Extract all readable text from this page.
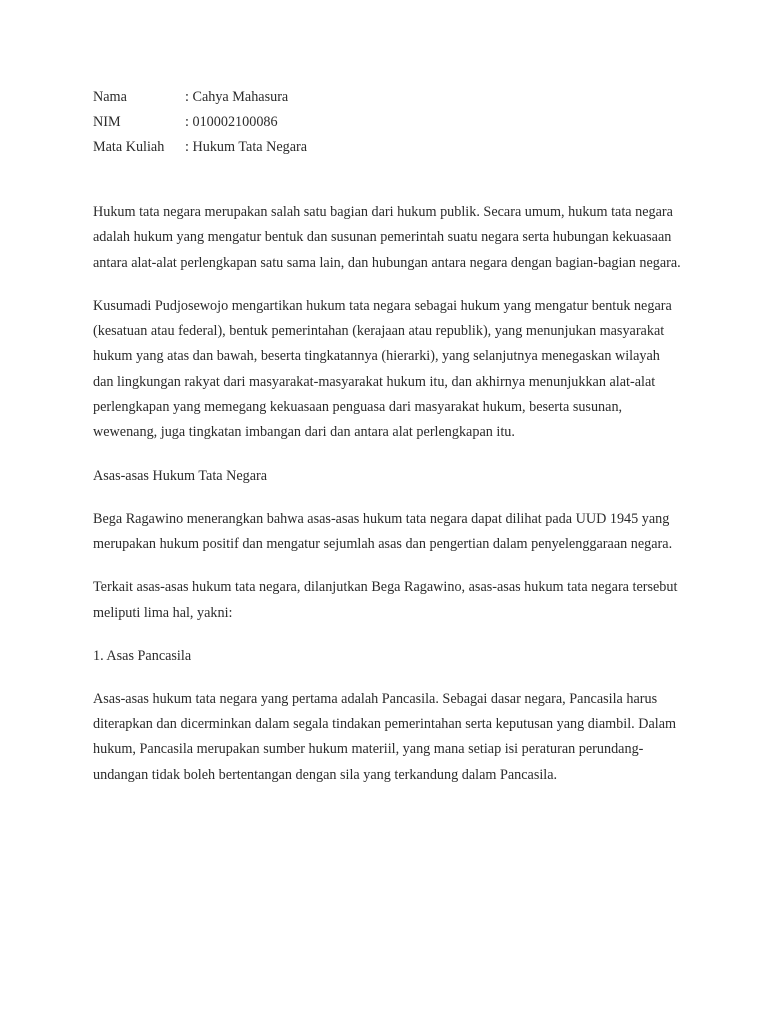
Nama	: Cahya Mahasura
NIM	: 010002100086
Mata Kuliah : Hukum Tata Negara

Hukum tata negara merupakan salah satu bagian dari hukum publik. Secara umum, hukum tata negara adalah hukum yang mengatur bentuk dan susunan pemerintah suatu negara serta hubungan kekuasaan antara alat-alat perlengkapan satu sama lain, dan hubungan antara negara dengan bagian-bagian negara.

Kusumadi Pudjosewojo mengartikan hukum tata negara sebagai hukum yang mengatur bentuk negara (kesatuan atau federal), bentuk pemerintahan (kerajaan atau republik), yang menunjukan masyarakat hukum yang atas dan bawah, beserta tingkatannya (hierarki), yang selanjutnya menegaskan wilayah dan lingkungan rakyat dari masyarakat-masyarakat hukum itu, dan akhirnya menunjukkan alat-alat perlengkapan yang memegang kekuasaan penguasa dari masyarakat hukum, beserta susunan, wewenang, juga tingkatan imbangan dari dan antara alat perlengkapan itu.

Asas-asas Hukum Tata Negara

Bega Ragawino menerangkan bahwa asas-asas hukum tata negara dapat dilihat pada UUD 1945 yang merupakan hukum positif dan mengatur sejumlah asas dan pengertian dalam penyelenggaraan negara.

Terkait asas-asas hukum tata negara, dilanjutkan Bega Ragawino, asas-asas hukum tata negara tersebut meliputi lima hal, yakni:

1. Asas Pancasila

Asas-asas hukum tata negara yang pertama adalah Pancasila. Sebagai dasar negara, Pancasila harus diterapkan dan dicerminkan dalam segala tindakan pemerintahan serta keputusan yang diambil. Dalam hukum, Pancasila merupakan sumber hukum materiil, yang mana setiap isi peraturan perundang-undangan tidak boleh bertentangan dengan sila yang terkandung dalam Pancasila.
